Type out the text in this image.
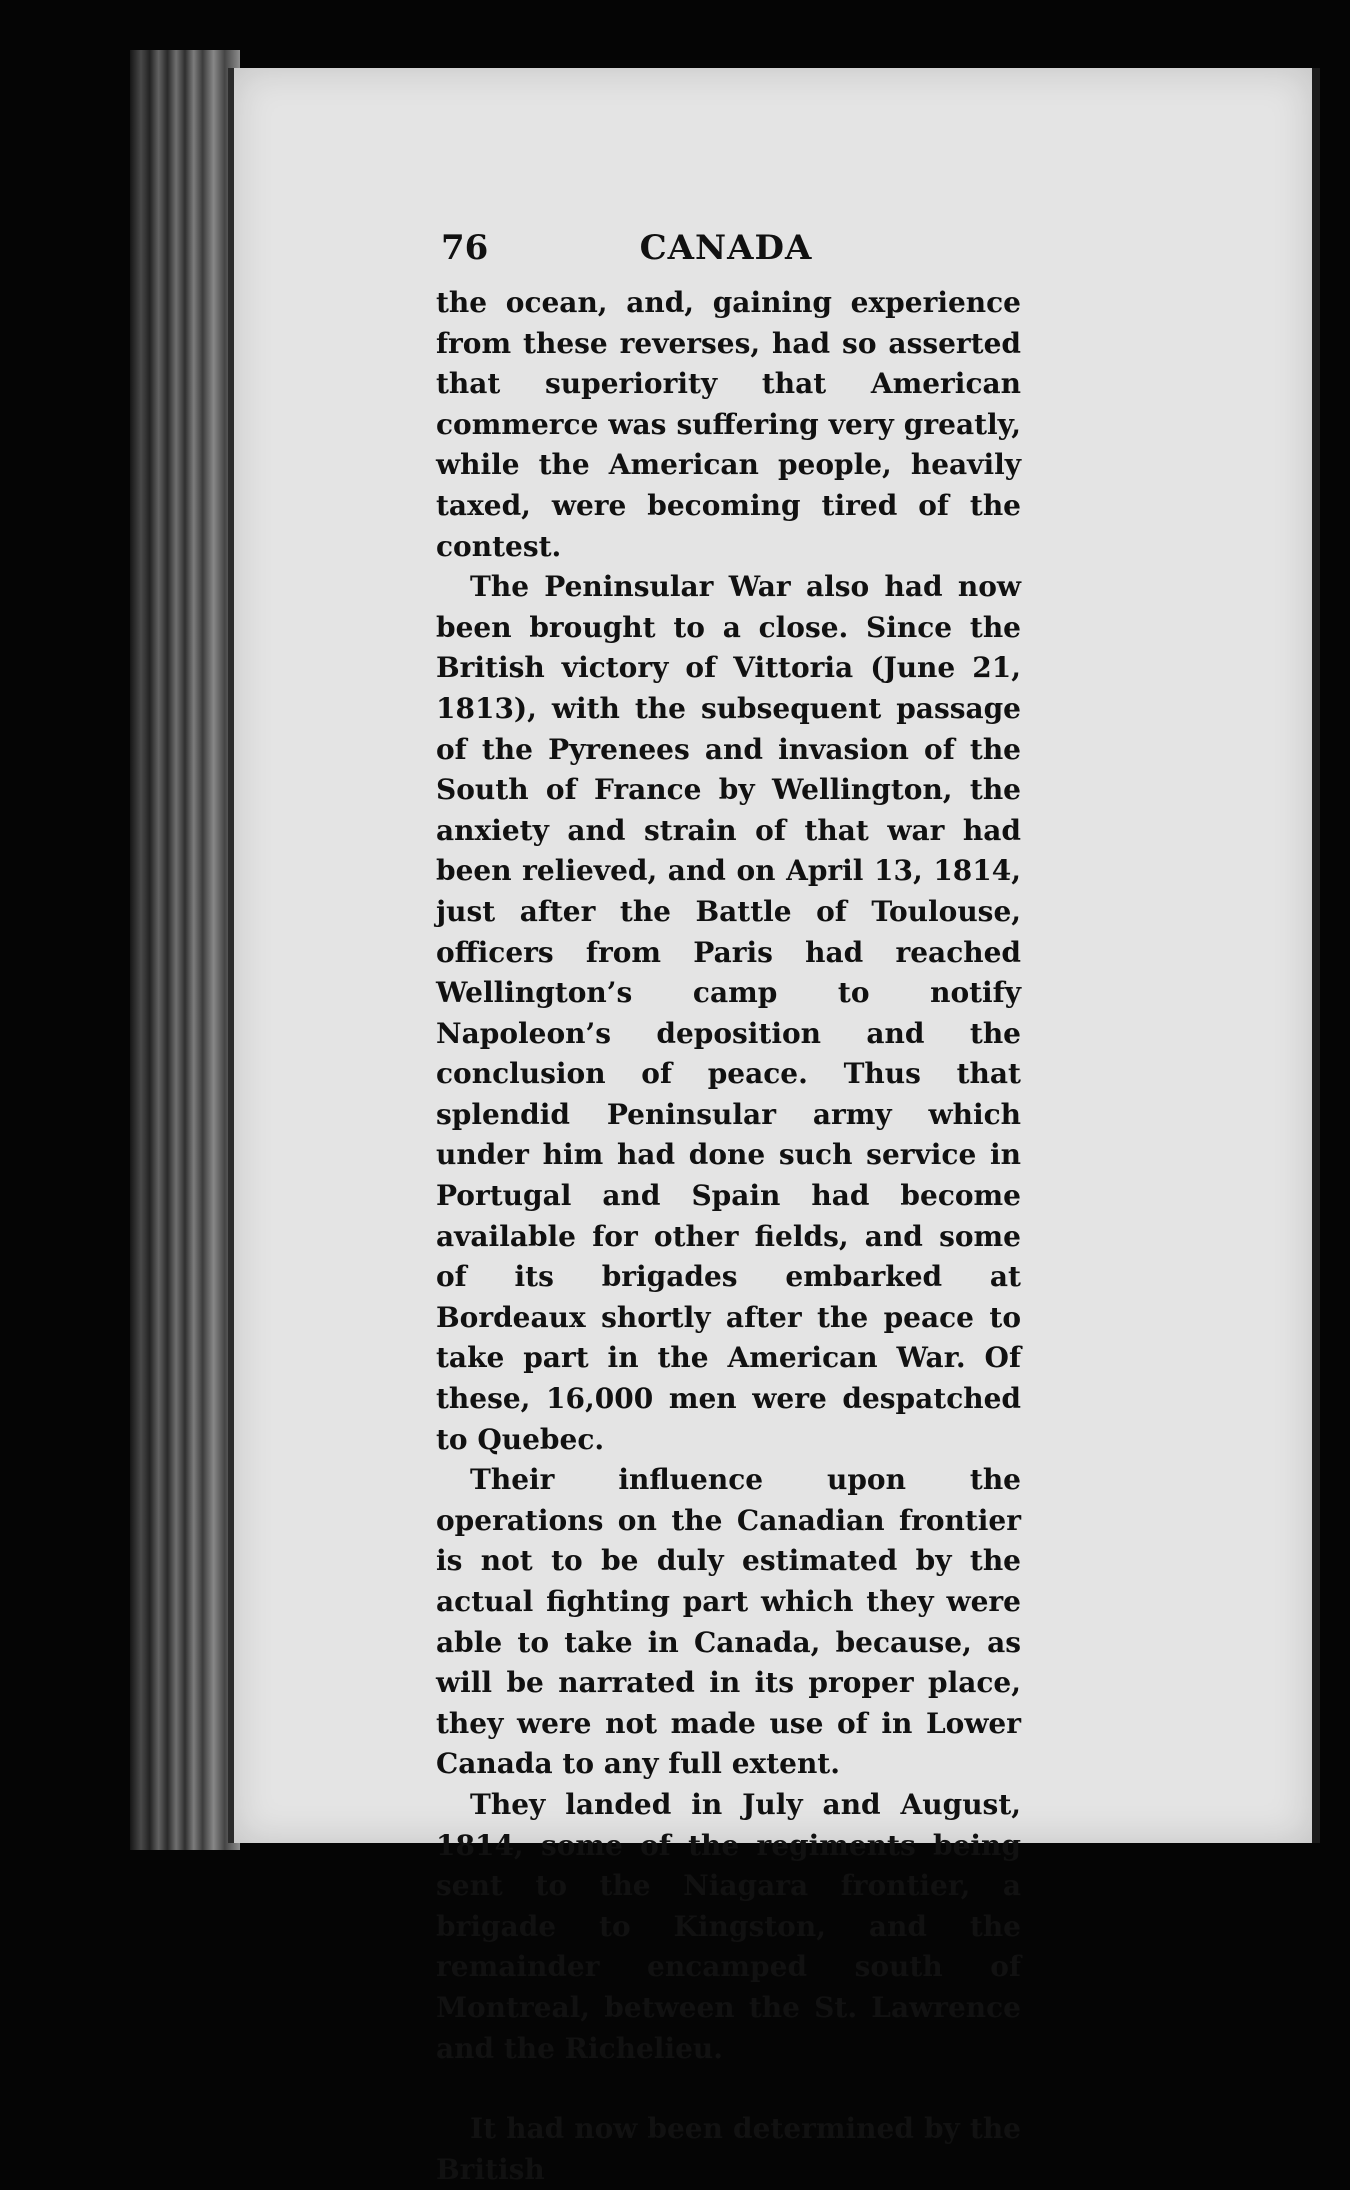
76	CANADA

the ocean, and, gaining experience from these reverses, had so asserted that superiority that American commerce was suffering very greatly, while the American people, heavily taxed, were becoming tired of the contest.

The Peninsular War also had now been brought to a close. Since the British victory of Vittoria (June 21, 1813), with the subsequent passage of the Pyrenees and invasion of the South of France by Wellington, the anxiety and strain of that war had been relieved, and on April 13, 1814, just after the Battle of Toulouse, officers from Paris had reached Wellington’s camp to notify Napoleon’s deposition and the conclusion of peace. Thus that splendid Peninsular army which under him had done such service in Portugal and Spain had become available for other fields, and some of its brigades embarked at Bordeaux shortly after the peace to take part in the American War. Of these, 16,000 men were despatched to Quebec.

Their influence upon the operations on the Canadian frontier is not to be duly estimated by the actual fighting part which they were able to take in Canada, because, as will be narrated in its proper place, they were not made use of in Lower Canada to any full extent.

They landed in July and August, 1814, some of the regiments being sent to the Niagara frontier, a brigade to Kingston, and the remainder encamped south of Montreal, between the St. Lawrence and the Richelieu.

It had now been determined by the British
